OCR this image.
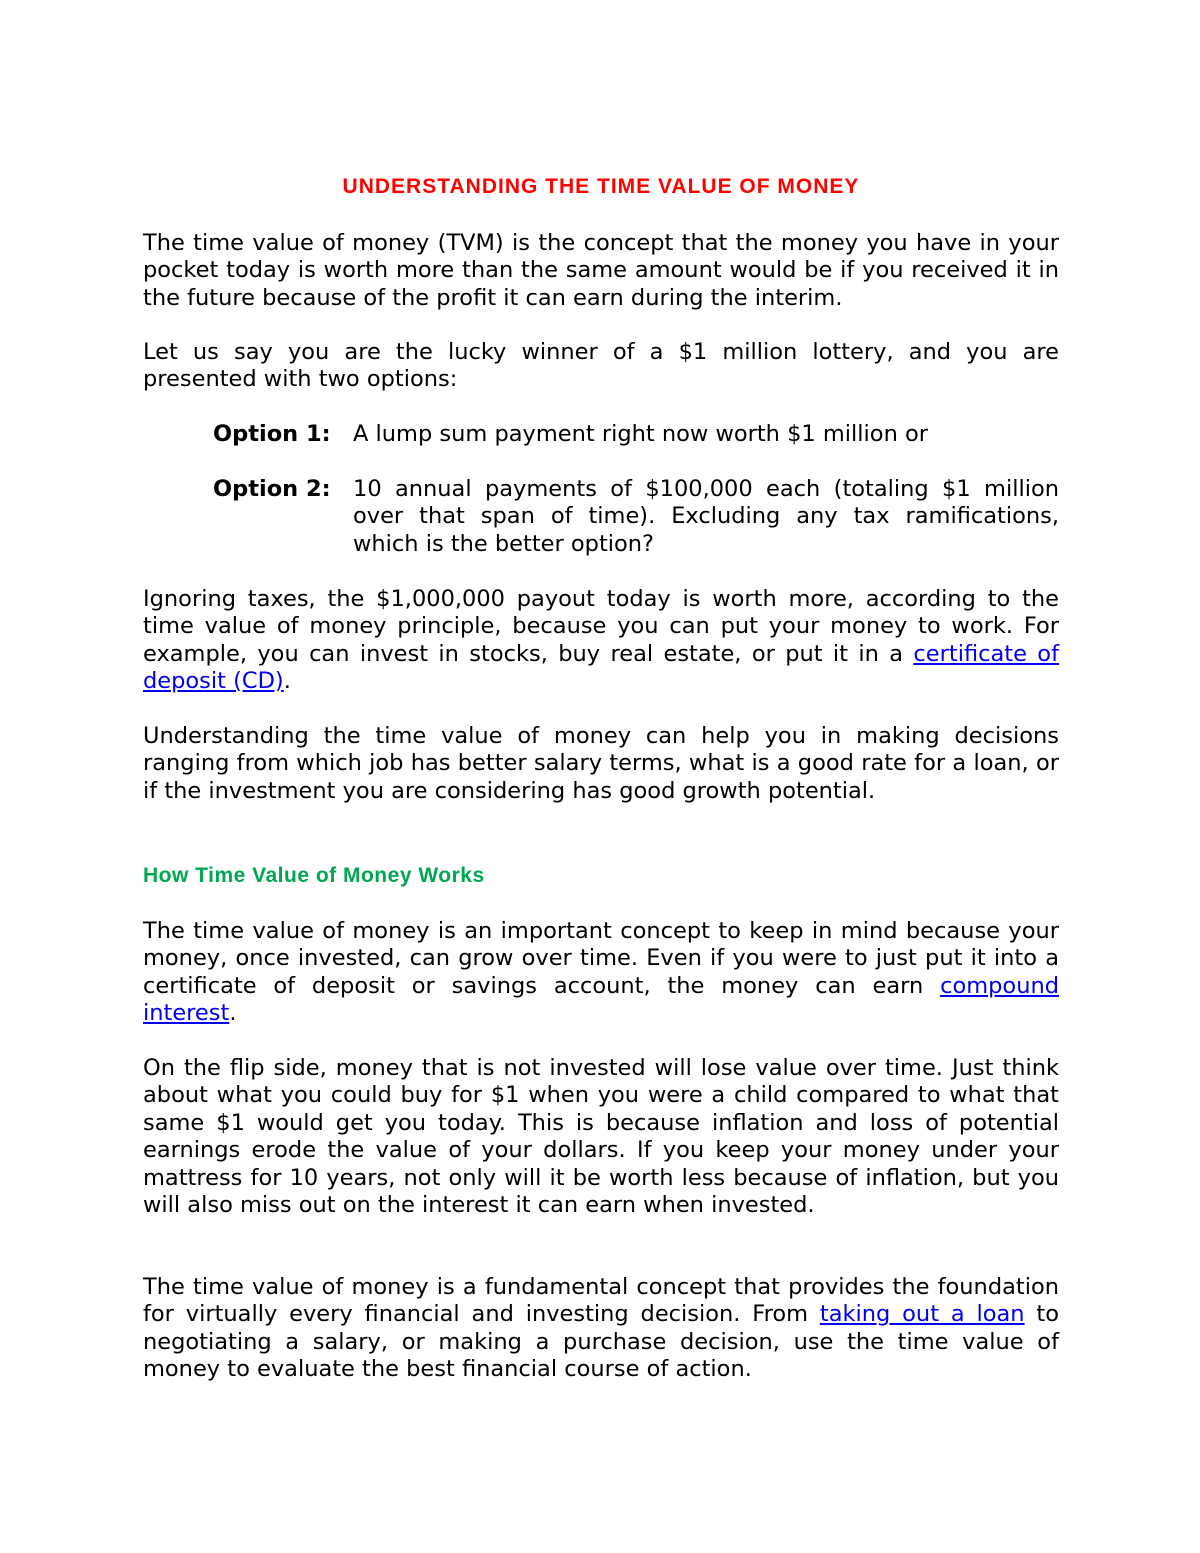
UNDERSTANDING THE TIME VALUE OF MONEY

The time value of money (TVM) is the concept that the money you have in your pocket today is worth more than the same amount would be if you received it in the future because of the profit it can earn during the interim.

Let us say you are the lucky winner of a $1 million lottery, and you are presented with two options:

Option 1: A lump sum payment right now worth $1 million or
Option 2: 10 annual payments of $100,000 each (totaling $1 million over that span of time). Excluding any tax ramifications, which is the better option?

Ignoring taxes, the $1,000,000 payout today is worth more, according to the time value of money principle, because you can put your money to work. For example, you can invest in stocks, buy real estate, or put it in a certificate of deposit (CD).

Understanding the time value of money can help you in making decisions ranging from which job has better salary terms, what is a good rate for a loan, or if the investment you are considering has good growth potential.

How Time Value of Money Works

The time value of money is an important concept to keep in mind because your money, once invested, can grow over time. Even if you were to just put it into a certificate of deposit or savings account, the money can earn compound interest.

On the flip side, money that is not invested will lose value over time. Just think about what you could buy for $1 when you were a child compared to what that same $1 would get you today. This is because inflation and loss of potential earnings erode the value of your dollars. If you keep your money under your mattress for 10 years, not only will it be worth less because of inflation, but you will also miss out on the interest it can earn when invested.

The time value of money is a fundamental concept that provides the foundation for virtually every financial and investing decision. From taking out a loan to negotiating a salary, or making a purchase decision, use the time value of money to evaluate the best financial course of action.
